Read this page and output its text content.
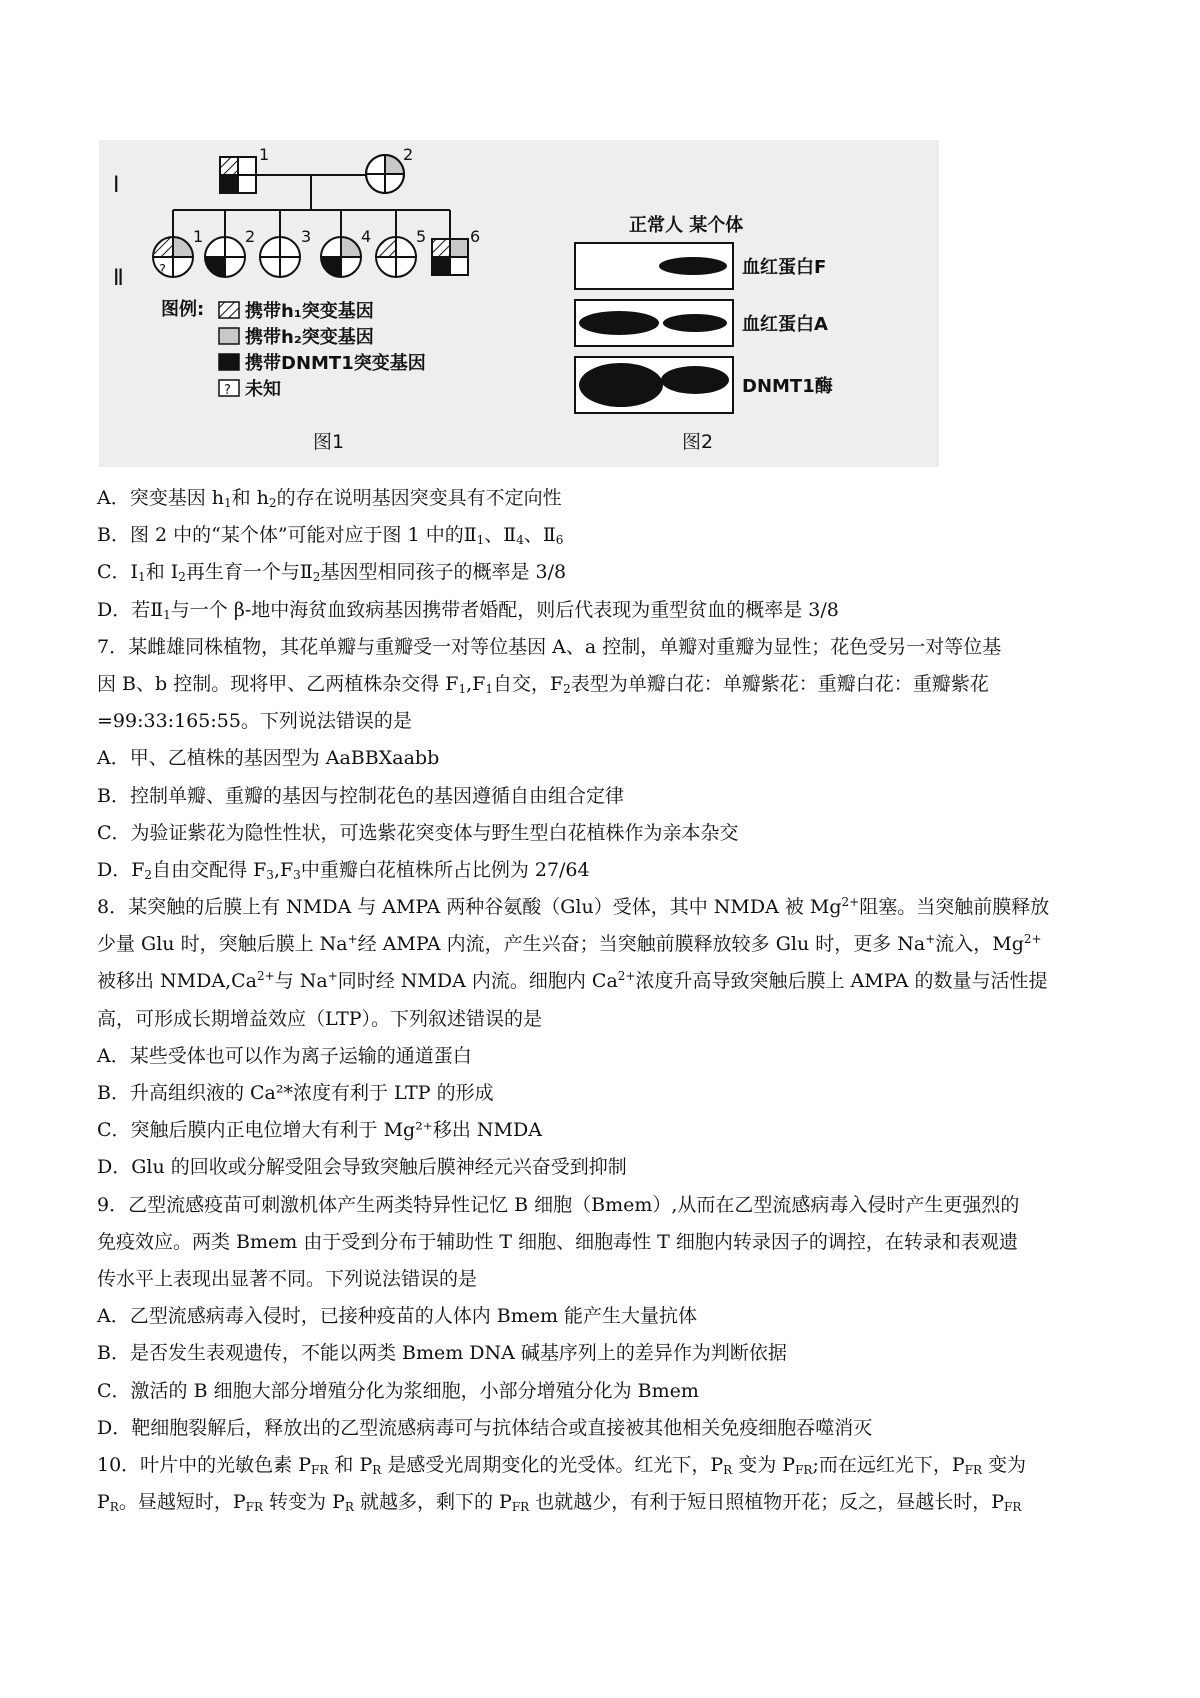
Ⅰ
Ⅱ
1	2
?
1	2	3	4	5	6
图例: 携带h₁突变基因
携带h₂突变基因
携带DNMT1突变基因
? 未知
图1
正常人 某个体
血红蛋白F
血红蛋白A
DNMT1酶
图2
A．突变基因 $h_1$和 $h_2$的存在说明基因突变具有不定向性
B．图 2 中的“某个体”可能对应于图 1 中的$Ⅱ_1$、$Ⅱ_4$、$Ⅱ_6$
C．$I_1$和 $I_2$再生育一个与$Ⅱ_2$基因型相同孩子的概率是 3/8
D．若$Ⅱ_1$与一个 β-地中海贫血致病基因携带者婚配，则后代表现为重型贫血的概率是 3/8
7．某雌雄同株植物，其花单瓣与重瓣受一对等位基因 A、a 控制，单瓣对重瓣为显性；花色受另一对等位基
因 B、b 控制。现将甲、乙两植株杂交得 $F_1,F_1$自交，$F_2$表型为单瓣白花：单瓣紫花：重瓣白花：重瓣紫花
=99:33:165:55。下列说法错误的是
A．甲、乙植株的基因型为 AaBBXaabb
B．控制单瓣、重瓣的基因与控制花色的基因遵循自由组合定律
C．为验证紫花为隐性性状，可选紫花突变体与野生型白花植株作为亲本杂交
D．$F_2$自由交配得 $F_3,F_3$中重瓣白花植株所占比例为 27/64
8．某突触的后膜上有 NMDA 与 AMPA 两种谷氨酸（Glu）受体，其中 NMDA 被 $Mg^{2+}$阻塞。当突触前膜释放
少量 Glu 时，突触后膜上 Na+经 AMPA 内流，产生兴奋；当突触前膜释放较多 Glu 时，更多 Na+流入，$Mg^{2+}$
被移出 $NMDA,Ca^{2+}$与 Na+同时经 NMDA 内流。细胞内 $Ca^{2+}$浓度升高导致突触后膜上 AMPA 的数量与活性提
高，可形成长期增益效应（LTP）。下列叙述错误的是
A．某些受体也可以作为离子运输的通道蛋白
B．升高组织液的 Ca²*浓度有利于 LTP 的形成
C．突触后膜内正电位增大有利于 Mg²⁺移出 NMDA
D．Glu 的回收或分解受阻会导致突触后膜神经元兴奋受到抑制
9．乙型流感疫苗可刺激机体产生两类特异性记忆 B 细胞（Bmem）,从而在乙型流感病毒入侵时产生更强烈的
免疫效应。两类 Bmem 由于受到分布于辅助性 T 细胞、细胞毒性 T 细胞内转录因子的调控，在转录和表观遗
传水平上表现出显著不同。下列说法错误的是
A．乙型流感病毒入侵时，已接种疫苗的人体内 Bmem 能产生大量抗体
B．是否发生表观遗传，不能以两类 Bmem DNA 碱基序列上的差异作为判断依据
C．激活的 B 细胞大部分增殖分化为浆细胞，小部分增殖分化为 Bmem
D．靶细胞裂解后，释放出的乙型流感病毒可与抗体结合或直接被其他相关免疫细胞吞噬消灭
10．叶片中的光敏色素 $P_{FR}$ 和 $P_R$ 是感受光周期变化的光受体。红光下，$P_R$ 变为 $P_{FR}$;而在远红光下，$P_{FR}$ 变为
$P_R$。昼越短时，$P_{FR}$ 转变为 $P_R$ 就越多，剩下的 $P_{FR}$ 也就越少，有利于短日照植物开花；反之，昼越长时，$P_{FR}$
